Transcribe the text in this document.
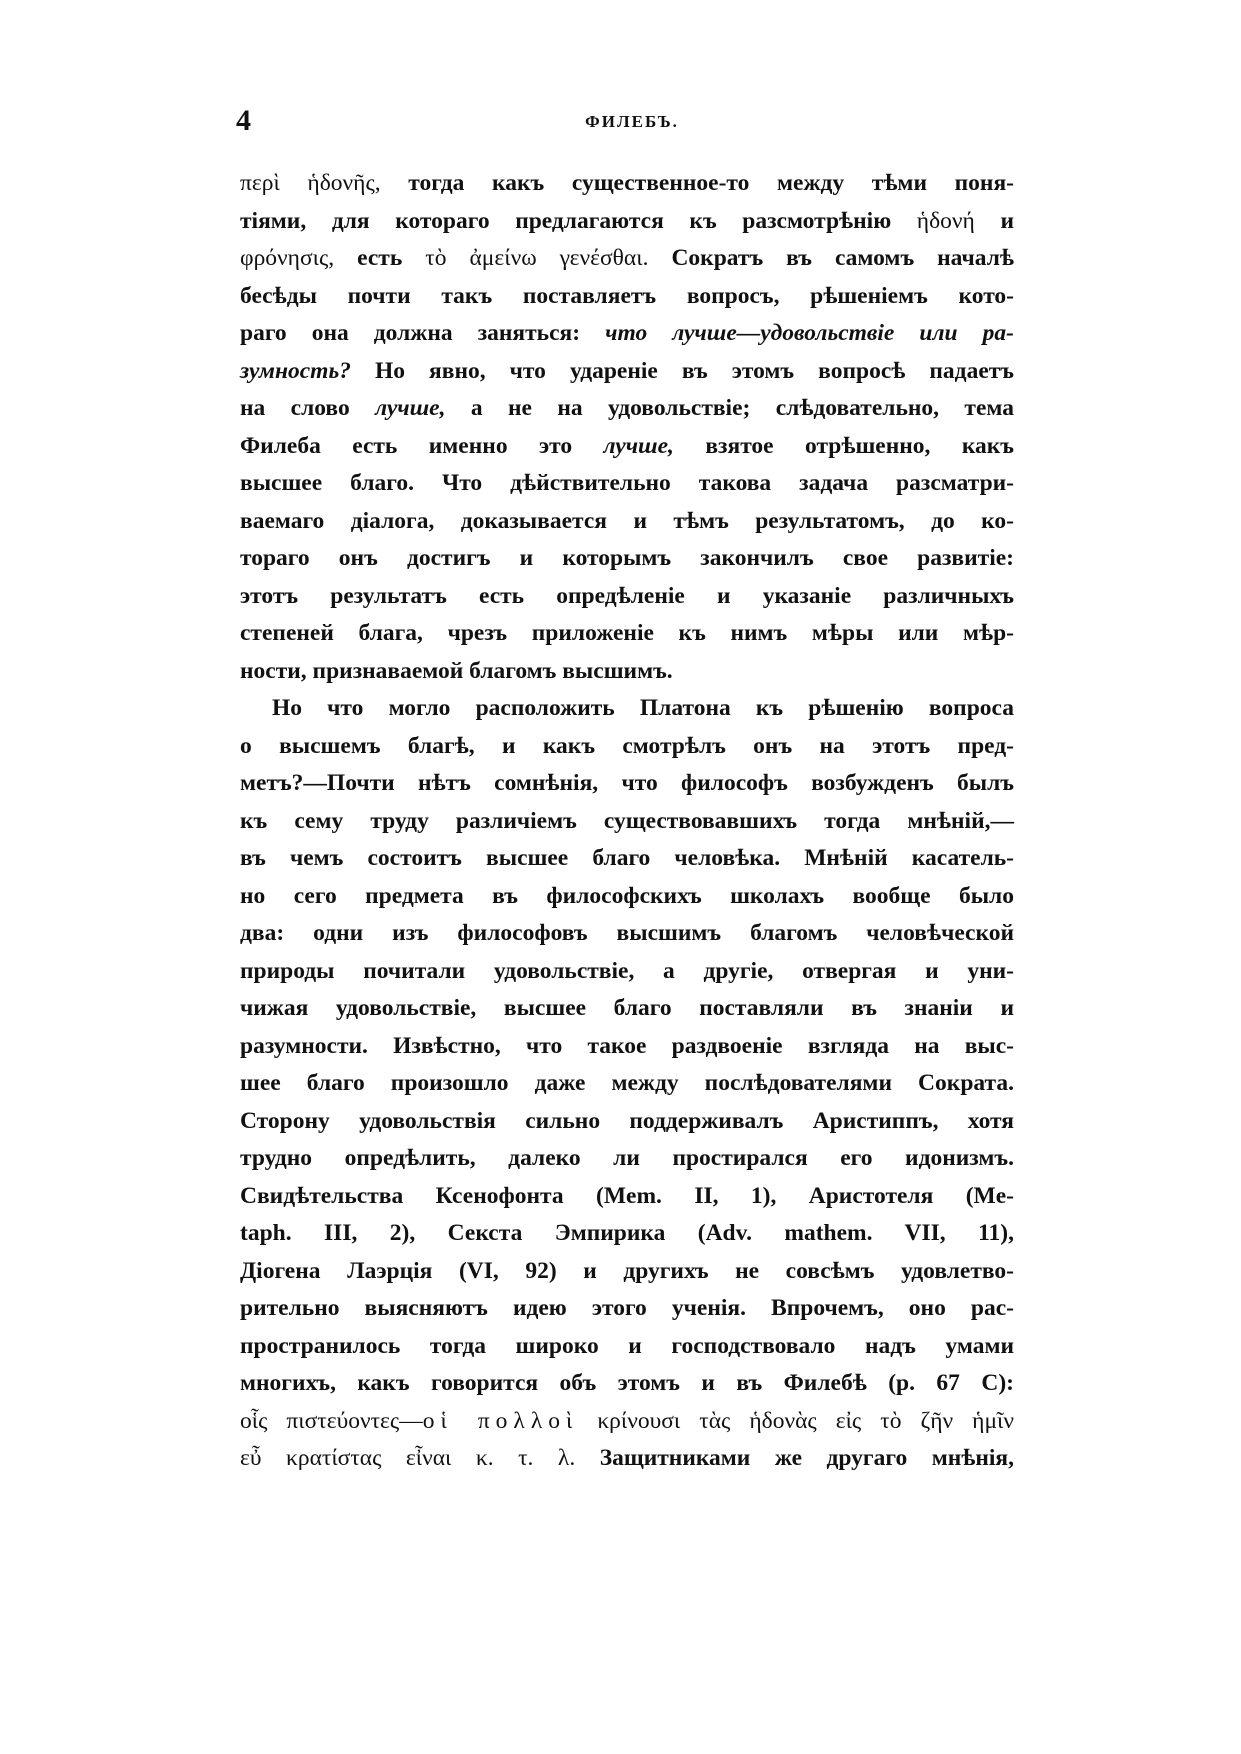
4	ФИЛЕБЪ.
περὶ ἡδονῆς, тогда какъ существенное-то между тѣми поня-
тіями, для котораго предлагаются къ разсмотрѣнію ἡδονή и
φρόνησις, есть τὸ ἀμείνω γενέσθαι. Сократъ въ самомъ началѣ
бесѣды почти такъ поставляетъ вопросъ, рѣшеніемъ кото-
раго она должна заняться: что лучше—удовольствіе или ра-
зумность? Но явно, что удареніе въ этомъ вопросѣ падаетъ
на слово лучше, а не на удовольствіе; слѣдовательно, тема
Филеба есть именно это лучше, взятое отрѣшенно, какъ
высшее благо. Что дѣйствительно такова задача разсматри-
ваемаго діалога, доказывается и тѣмъ результатомъ, до ко-
тораго онъ достигъ и которымъ закончилъ свое развитіе:
этотъ результатъ есть опредѣленіе и указаніе различныхъ
степеней блага, чрезъ приложеніе къ нимъ мѣры или мѣр-
ности, признаваемой благомъ высшимъ.
Но что могло расположить Платона къ рѣшенію вопроса
о высшемъ благѣ, и какъ смотрѣлъ онъ на этотъ пред-
метъ?—Почти нѣтъ сомнѣнія, что философъ возбужденъ былъ
къ сему труду различіемъ существовавшихъ тогда мнѣній,—
въ чемъ состоитъ высшее благо человѣка. Мнѣній касатель-
но сего предмета въ философскихъ школахъ вообще было
два: одни изъ философовъ высшимъ благомъ человѣческой
природы почитали удовольствіе, а другіе, отвергая и уни-
чижая удовольствіе, высшее благо поставляли въ знаніи и
разумности. Извѣстно, что такое раздвоеніе взгляда на выс-
шее благо произошло даже между послѣдователями Сократа.
Сторону удовольствія сильно поддерживалъ Аристиппъ, хотя
трудно опредѣлить, далеко ли простирался его идонизмъ.
Свидѣтельства Ксенофонта (Mem. II, 1), Аристотеля (Me-
taph. III, 2), Секста Эмпирика (Adv. mathem. VII, 11),
Діогена Лаэрція (VI, 92) и другихъ не совсѣмъ удовлетво-
рительно выясняютъ идею этого ученія. Впрочемъ, оно рас-
пространилось тогда широко и господствовало надъ умами
многихъ, какъ говорится объ этомъ и въ Филебѣ (p. 67 C):
οἷς πιστεύοντες—οἱ πολλοὶ κρίνουσι τὰς ἡδονὰς εἰς τὸ ζῆν ἡμῖν
εὖ κρατίστας εἶναι κ. τ. λ. Защитниками же другаго мнѣнія,
